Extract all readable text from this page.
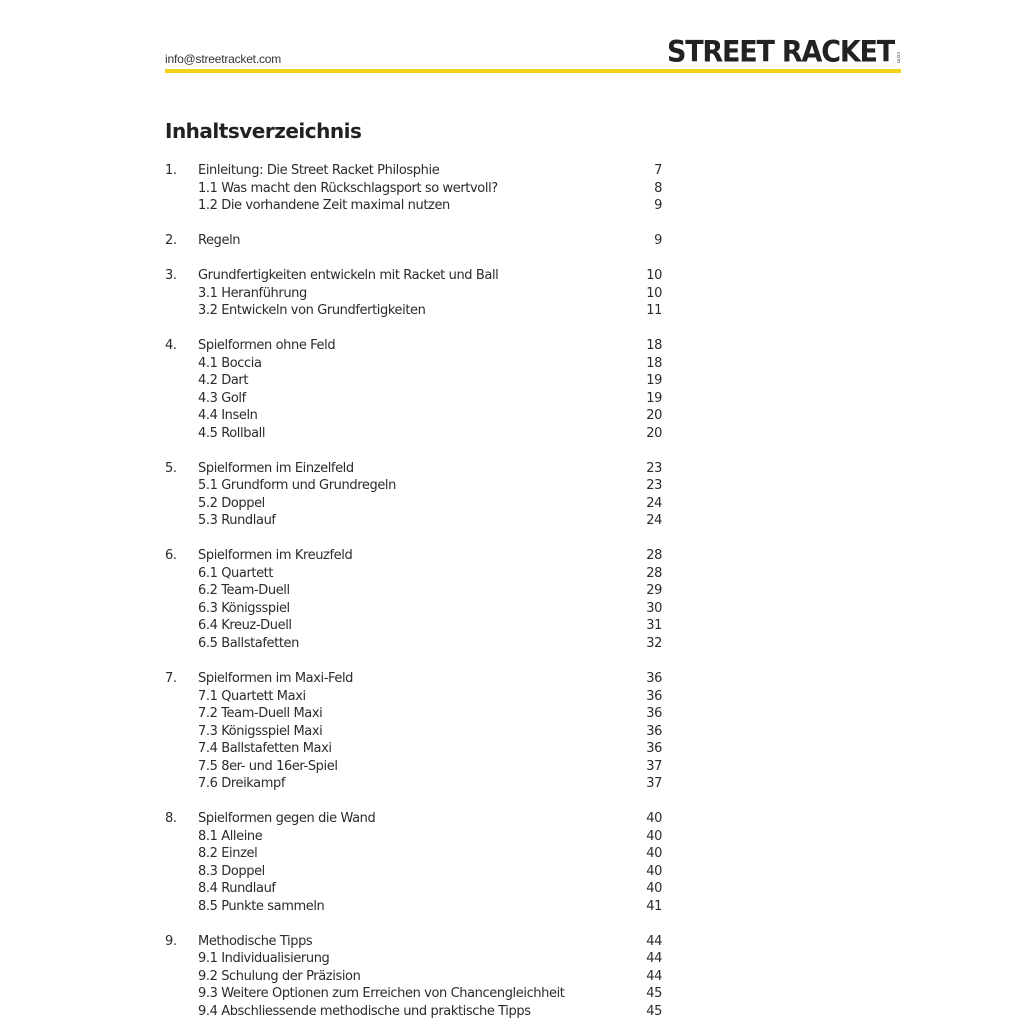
info@streetracket.com	STREET RACKET com
Inhaltsverzeichnis
1. Einleitung: Die Street Racket Philosphie	7
1.1 Was macht den Rückschlagsport so wertvoll?	8
1.2 Die vorhandene Zeit maximal nutzen	9
2. Regeln	9
3. Grundfertigkeiten entwickeln mit Racket und Ball	10
3.1 Heranführung	10
3.2 Entwickeln von Grundfertigkeiten	11
4. Spielformen ohne Feld	18
4.1 Boccia	18
4.2 Dart	19
4.3 Golf	19
4.4 Inseln	20
4.5 Rollball	20
5. Spielformen im Einzelfeld	23
5.1 Grundform und Grundregeln	23
5.2 Doppel	24
5.3 Rundlauf	24
6. Spielformen im Kreuzfeld	28
6.1 Quartett	28
6.2 Team-Duell	29
6.3 Königsspiel	30
6.4 Kreuz-Duell	31
6.5 Ballstafetten	32
7. Spielformen im Maxi-Feld	36
7.1 Quartett Maxi	36
7.2 Team-Duell Maxi	36
7.3 Königsspiel Maxi	36
7.4 Ballstafetten Maxi	36
7.5 8er- und 16er-Spiel	37
7.6 Dreikampf	37
8. Spielformen gegen die Wand	40
8.1 Alleine	40
8.2 Einzel	40
8.3 Doppel	40
8.4 Rundlauf	40
8.5 Punkte sammeln	41
9. Methodische Tipps	44
9.1 Individualisierung	44
9.2 Schulung der Präzision	44
9.3 Weitere Optionen zum Erreichen von Chancengleichheit	45
9.4 Abschliessende methodische und praktische Tipps	45
